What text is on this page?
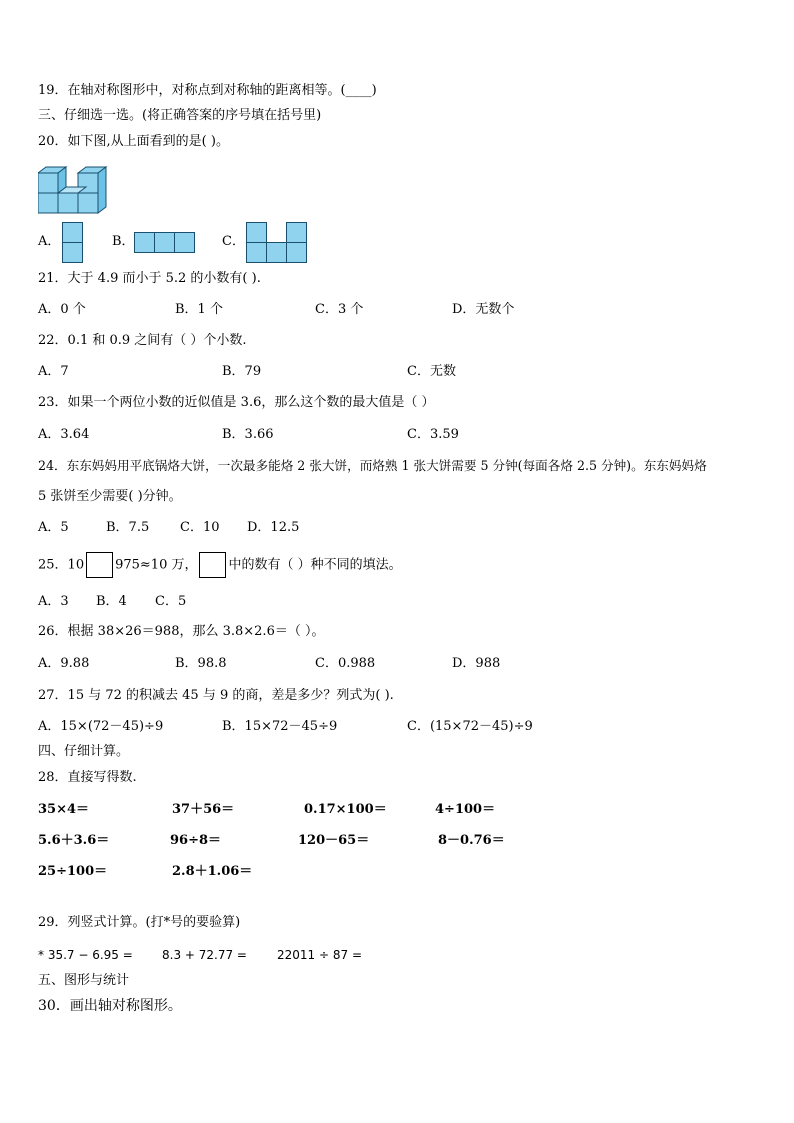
19．在轴对称图形中，对称点到对称轴的距离相等。(____)
三、仔细选一选。(将正确答案的序号填在括号里)
20．如下图,从上面看到的是( )。
A．	B．	C．
21．大于 4.9 而小于 5.2 的小数有( ).
A．0 个	B．1 个	C．3 个	D．无数个
22．0.1 和 0.9 之间有（ ）个小数.
A．7	B．79	C．无数
23．如果一个两位小数的近似值是 3.6，那么这个数的最大值是（ ）
A．3.64	B．3.66	C．3.59
24．东东妈妈用平底锅烙大饼，一次最多能烙 2 张大饼，而烙熟 1 张大饼需要 5 分钟(每面各烙 2.5 分钟)。东东妈妈烙
5 张饼至少需要( )分钟。
A．5	B．7.5 C．10 D．12.5
25．10 975≈10 万， 中的数有（ ）种不同的填法。
A．3 B．4 C．5
26．根据 38×26＝988，那么 3.8×2.6＝（ ）。
A．9.88	B．98.8	C．0.988	D．988
27．15 与 72 的积减去 45 与 9 的商，差是多少？列式为( ).
A．15×(72－45)÷9	B．15×72－45÷9	C．(15×72－45)÷9
四、仔细计算。
28．直接写得数.
35×4＝	37＋56＝	0.17×100＝	4÷100＝
5.6＋3.6＝	96÷8＝	120－65＝	8－0.76＝
25÷100＝	2.8＋1.06＝
29．列竖式计算。(打*号的要验算)
* 35.7 − 6.95 = 8.3 + 72.77 =	22011 ÷ 87 =
五、图形与统计
30．画出轴对称图形。
